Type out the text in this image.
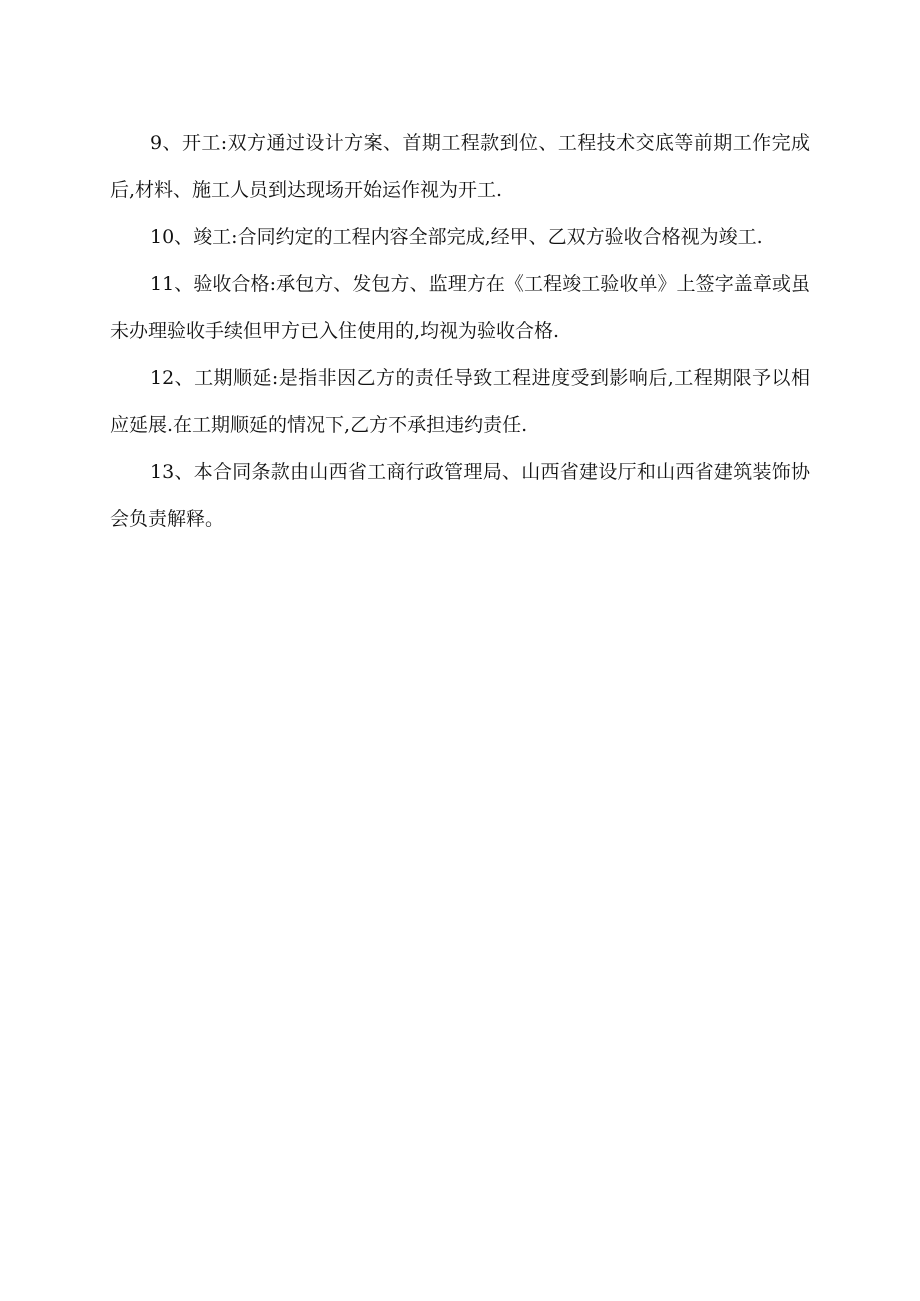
9、开工:双方通过设计方案、首期工程款到位、工程技术交底等前期工作完成后,材料、施工人员到达现场开始运作视为开工.

10、竣工:合同约定的工程内容全部完成,经甲、乙双方验收合格视为竣工.

11、验收合格:承包方、发包方、监理方在《工程竣工验收单》上签字盖章或虽未办理验收手续但甲方已入住使用的,均视为验收合格.

12、工期顺延:是指非因乙方的责任导致工程进度受到影响后,工程期限予以相应延展.在工期顺延的情况下,乙方不承担违约责任.

13、本合同条款由山西省工商行政管理局、山西省建设厅和山西省建筑装饰协会负责解释。
